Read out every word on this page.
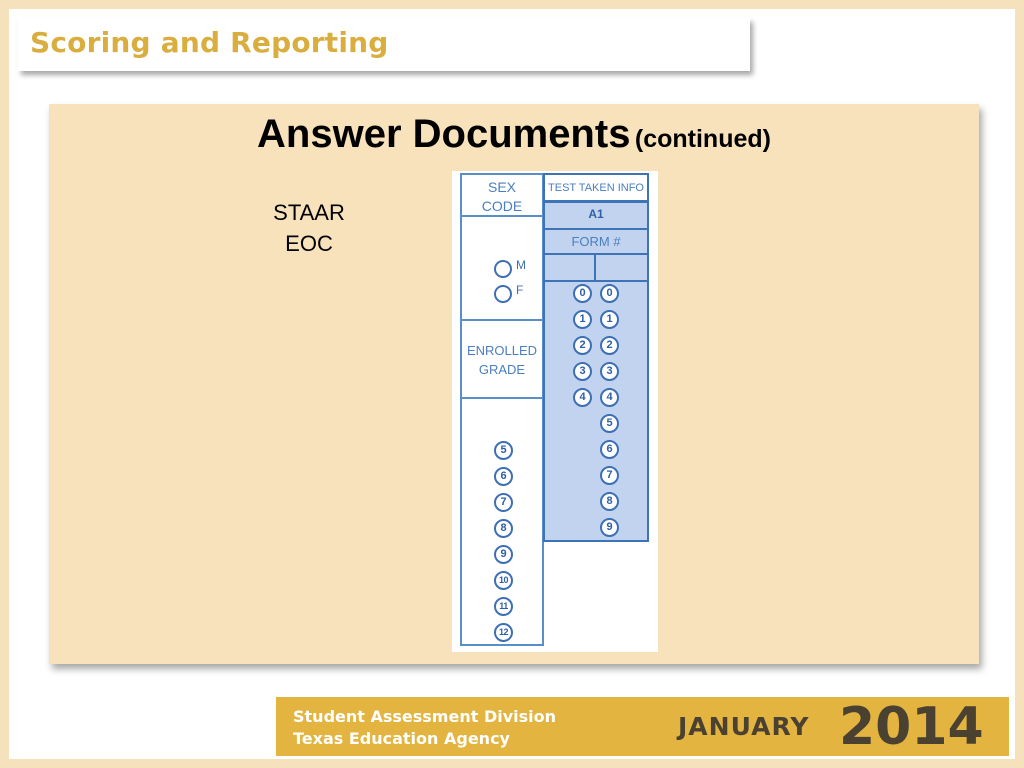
Scoring and Reporting
Answer Documents (continued)
STAAR
EOC
SEX
CODE
M
F
ENROLLED
GRADE
5
6
7
8
9
10
11
12
TEST TAKEN INFO
A1
FORM #
0
1
2
3
4
0
1
2
3
4
5
6
7
8
9
Student Assessment Division
Texas Education Agency	JANUARY 2014
